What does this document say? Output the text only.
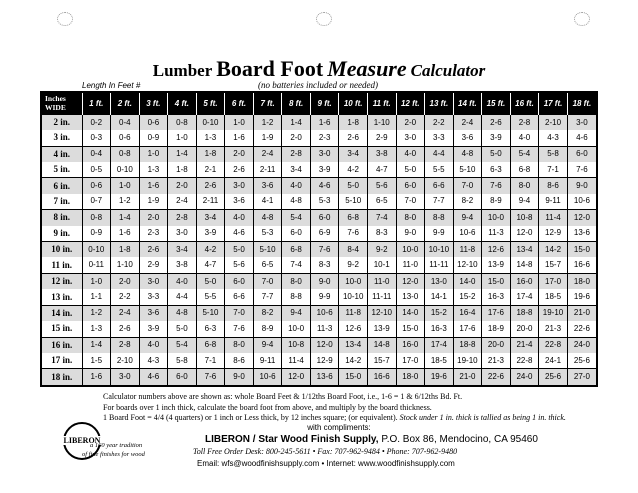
Lumber Board Foot Measure Calculator
Length In Feet #	(no batteries included or needed)
Inches
WIDE	1 ft.	2 ft.	3 ft.	4 ft.	5 ft.	6 ft.	7 ft.	8 ft.	9 ft.	10 ft.	11 ft.	12 ft.	13 ft.	14 ft.	15 ft.	16 ft.	17 ft.	18 ft.
2 in.	0-2	0-4	0-6	0-8	0-10	1-0	1-2	1-4	1-6	1-8	1-10	2-0	2-2	2-4	2-6	2-8	2-10	3-0
3 in.	0-3	0-6	0-9	1-0	1-3	1-6	1-9	2-0	2-3	2-6	2-9	3-0	3-3	3-6	3-9	4-0	4-3	4-6
4 in.	0-4	0-8	1-0	1-4	1-8	2-0	2-4	2-8	3-0	3-4	3-8	4-0	4-4	4-8	5-0	5-4	5-8	6-0
5 in.	0-5	0-10	1-3	1-8	2-1	2-6	2-11	3-4	3-9	4-2	4-7	5-0	5-5	5-10	6-3	6-8	7-1	7-6
6 in.	0-6	1-0	1-6	2-0	2-6	3-0	3-6	4-0	4-6	5-0	5-6	6-0	6-6	7-0	7-6	8-0	8-6	9-0
7 in.	0-7	1-2	1-9	2-4	2-11	3-6	4-1	4-8	5-3	5-10	6-5	7-0	7-7	8-2	8-9	9-4	9-11	10-6
8 in.	0-8	1-4	2-0	2-8	3-4	4-0	4-8	5-4	6-0	6-8	7-4	8-0	8-8	9-4	10-0	10-8	11-4	12-0
9 in.	0-9	1-6	2-3	3-0	3-9	4-6	5-3	6-0	6-9	7-6	8-3	9-0	9-9	10-6	11-3	12-0	12-9	13-6
10 in.	0-10	1-8	2-6	3-4	4-2	5-0	5-10	6-8	7-6	8-4	9-2	10-0	10-10	11-8	12-6	13-4	14-2	15-0
11 in.	0-11	1-10	2-9	3-8	4-7	5-6	6-5	7-4	8-3	9-2	10-1	11-0	11-11	12-10	13-9	14-8	15-7	16-6
12 in.	1-0	2-0	3-0	4-0	5-0	6-0	7-0	8-0	9-0	10-0	11-0	12-0	13-0	14-0	15-0	16-0	17-0	18-0
13 in.	1-1	2-2	3-3	4-4	5-5	6-6	7-7	8-8	9-9	10-10	11-11	13-0	14-1	15-2	16-3	17-4	18-5	19-6
14 in.	1-2	2-4	3-6	4-8	5-10	7-0	8-2	9-4	10-6	11-8	12-10	14-0	15-2	16-4	17-6	18-8	19-10	21-0
15 in.	1-3	2-6	3-9	5-0	6-3	7-6	8-9	10-0	11-3	12-6	13-9	15-0	16-3	17-6	18-9	20-0	21-3	22-6
16 in.	1-4	2-8	4-0	5-4	6-8	8-0	9-4	10-8	12-0	13-4	14-8	16-0	17-4	18-8	20-0	21-4	22-8	24-0
17 in.	1-5	2-10	4-3	5-8	7-1	8-6	9-11	11-4	12-9	14-2	15-7	17-0	18-5	19-10	21-3	22-8	24-1	25-6
18 in.	1-6	3-0	4-6	6-0	7-6	9-0	10-6	12-0	13-6	15-0	16-6	18-0	19-6	21-0	22-6	24-0	25-6	27-0
Calculator numbers above are shown as: whole Board Feet & 1/12ths Board Foot, i.e., 1-6 = 1 & 6/12ths Bd. Ft.
For boards over 1 inch thick, calculate the board foot from above, and multiply by the board thickness.
1 Board Foot = 4/4 (4 quarters) or 1 inch or Less thick, by 12 inches square; (or equivalent). Stock under 1 in. thick is tallied as being 1 in. thick.
LIBERON
a 160 year tradition
of fine finishes for wood
with compliments:
LIBERON / Star Wood Finish Supply, P.O. Box 86, Mendocino, CA 95460
Toll Free Order Desk: 800-245-5611 • Fax: 707-962-9484 • Phone: 707-962-9480
Email: wfs@woodfinishsupply.com • Internet: www.woodfinishsupply.com
